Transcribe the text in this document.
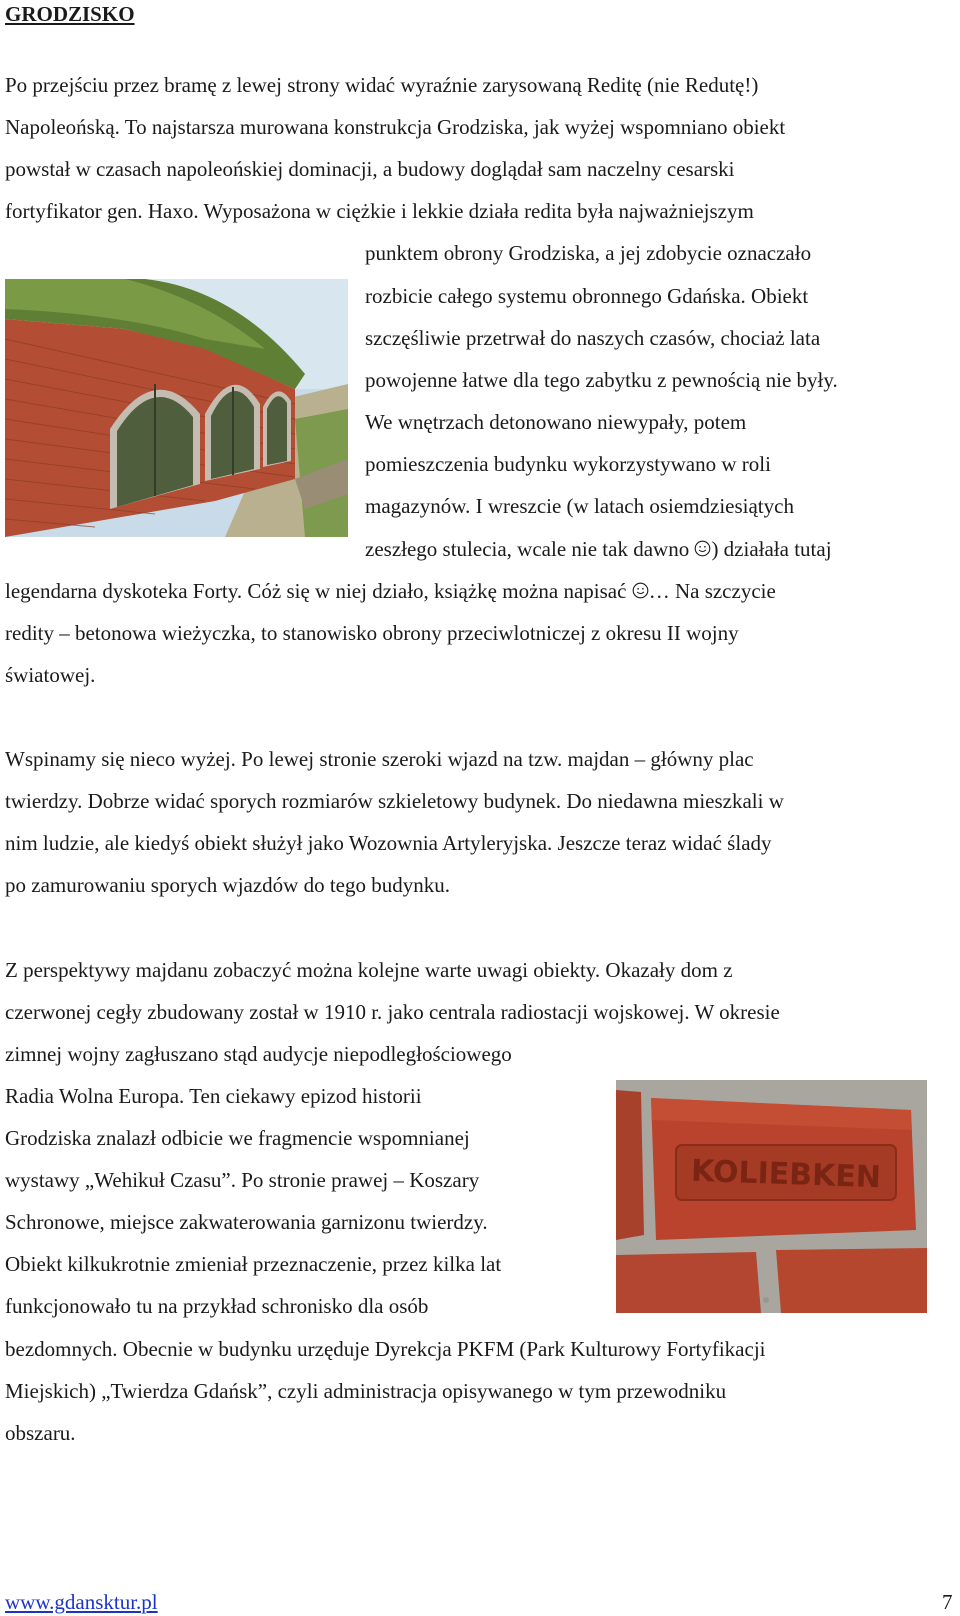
GRODZISKO
Po przejściu przez bramę z lewej strony widać wyraźnie zarysowaną Reditę (nie Redutę!)
Napoleońską. To najstarsza murowana konstrukcja Grodziska, jak wyżej wspomniano obiekt
powstał w czasach napoleońskiej dominacji, a budowy doglądał sam naczelny cesarski
fortyfikator gen. Haxo. Wyposażona w ciężkie i lekkie działa redita była najważniejszym
punktem obrony Grodziska, a jej zdobycie oznaczało
rozbicie całego systemu obronnego Gdańska. Obiekt
szczęśliwie przetrwał do naszych czasów, chociaż lata
powojenne łatwe dla tego zabytku z pewnością nie były.
We wnętrzach detonowano niewypały, potem
pomieszczenia budynku wykorzystywano w roli
magazynów. I wreszcie (w latach osiemdziesiątych
zeszłego stulecia, wcale nie tak dawno ) działała tutaj
legendarna dyskoteka Forty. Cóż się w niej działo, książkę można napisać … Na szczycie
redity – betonowa wieżyczka, to stanowisko obrony przeciwlotniczej z okresu II wojny
światowej.
Wspinamy się nieco wyżej. Po lewej stronie szeroki wjazd na tzw. majdan – główny plac
twierdzy. Dobrze widać sporych rozmiarów szkieletowy budynek. Do niedawna mieszkali w
nim ludzie, ale kiedyś obiekt służył jako Wozownia Artyleryjska. Jeszcze teraz widać ślady
po zamurowaniu sporych wjazdów do tego budynku.
Z perspektywy majdanu zobaczyć można kolejne warte uwagi obiekty. Okazały dom z
czerwonej cegły zbudowany został w 1910 r. jako centrala radiostacji wojskowej. W okresie
zimnej wojny zagłuszano stąd audycje niepodległościowego
Radia Wolna Europa. Ten ciekawy epizod historii
Grodziska znalazł odbicie we fragmencie wspomnianej
wystawy „Wehikuł Czasu”. Po stronie prawej – Koszary
Schronowe, miejsce zakwaterowania garnizonu twierdzy.
Obiekt kilkukrotnie zmieniał przeznaczenie, przez kilka lat
funkcjonowało tu na przykład schronisko dla osób
bezdomnych. Obecnie w budynku urzęduje Dyrekcja PKFM (Park Kulturowy Fortyfikacji
Miejskich) „Twierdza Gdańsk”, czyli administracja opisywanego w tym przewodniku
obszaru.
KOLIEBKEN
www.gdansktur.pl	7
